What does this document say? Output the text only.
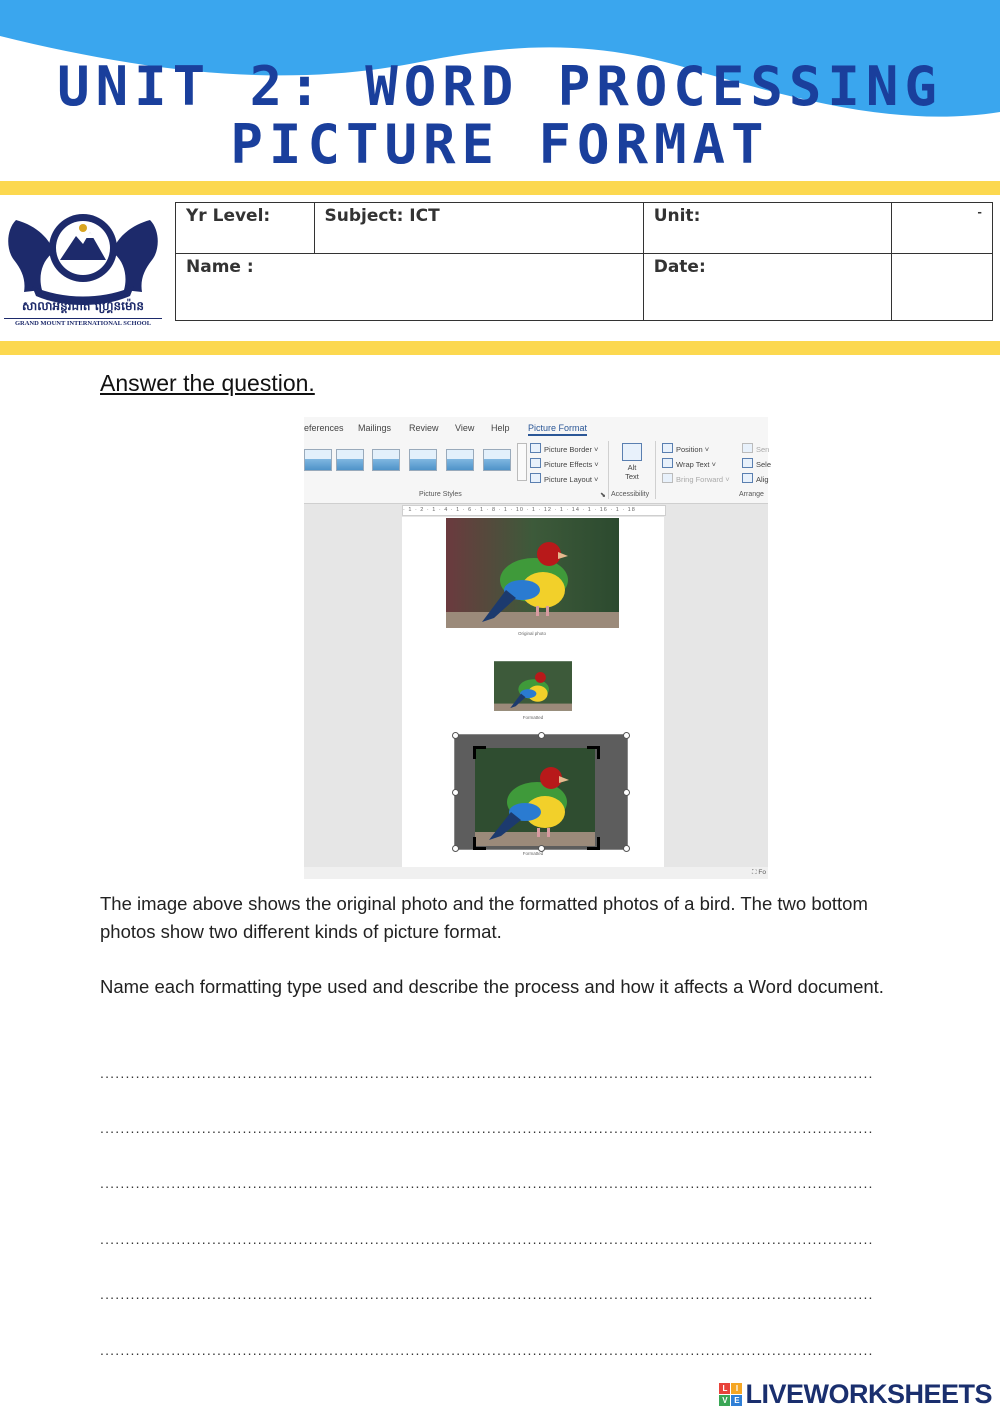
UNIT 2: WORD PROCESSING
PICTURE FORMAT
សាលាអន្តរជាតិ ហ្គ្រេនម៉ោន
GRAND MOUNT INTERNATIONAL SCHOOL
Yr Level:	Subject: ICT	Unit:	-
Name :		Date:	
Answer the question.
eferences Mailings Review View Help Picture Format
Picture Border ˅
Picture Effects ˅
Picture Layout ˅
Alt
Text
Position ˅
Wrap Text ˅
Bring Forward ˅
Sen
Sele
Alig
Picture Styles	⬊ Accessibility	Arrange
· 1 · 2 · 1 · 4 · 1 · 6 · 1 · 8 · 1 · 10 · 1 · 12 · 1 · 14 · 1 · 16 · 1 · 18
Original photo
Formatted
Formatted
⛶ Fo
The image above shows the original photo and the formatted photos of a bird. The two bottom photos show two different kinds of picture format.
Name each formatting type used and describe the process and how it affects a Word document.
........................................................................................................................................................
........................................................................................................................................................
........................................................................................................................................................
........................................................................................................................................................
........................................................................................................................................................
........................................................................................................................................................
L	I
V E LIVEWORKSHEETS
